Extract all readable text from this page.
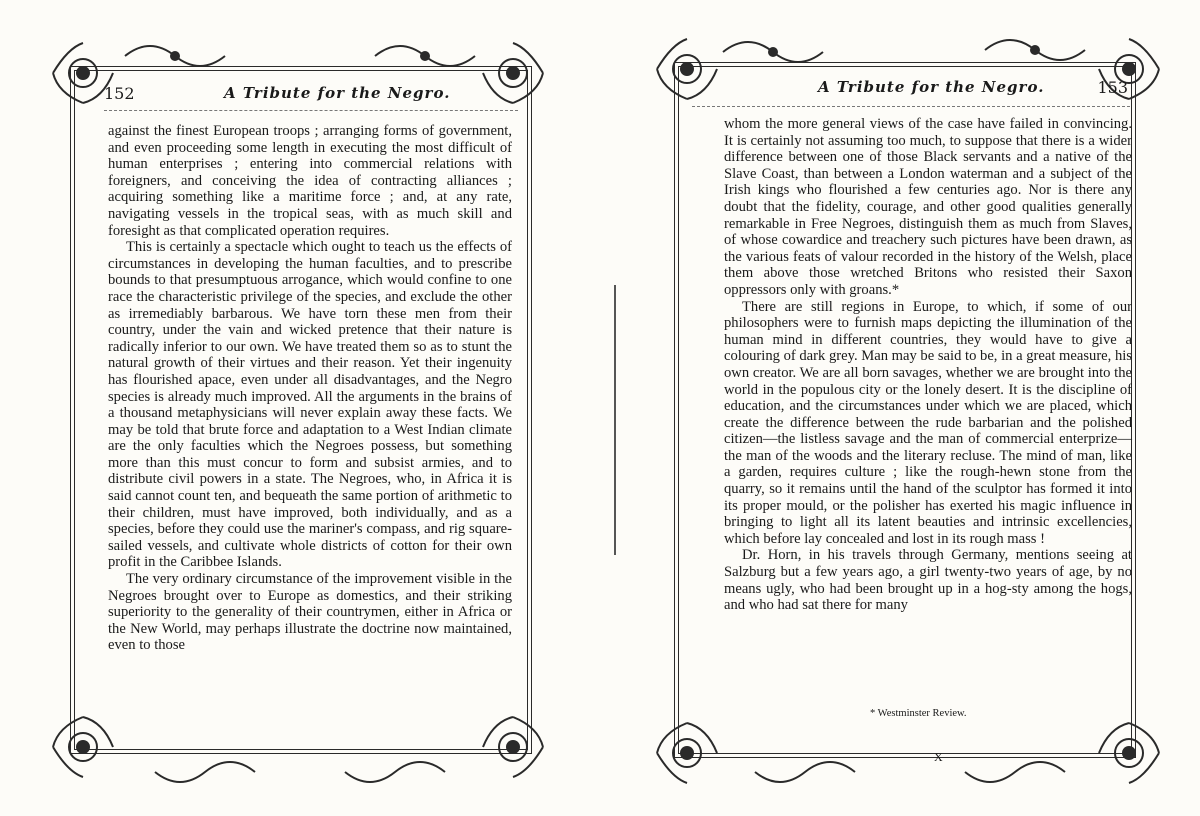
152	A Tribute for the Negro.

against the finest European troops ; arranging forms of government, and even proceeding some length in executing the most difficult of human enterprises ; entering into commercial relations with foreigners, and conceiving the idea of contracting alliances ; acquiring something like a maritime force ; and, at any rate, navigating vessels in the tropical seas, with as much skill and foresight as that complicated operation requires.

This is certainly a spectacle which ought to teach us the effects of circumstances in developing the human faculties, and to prescribe bounds to that presumptuous arrogance, which would confine to one race the characteristic privilege of the species, and exclude the other as irremediably barbarous. We have torn these men from their country, under the vain and wicked pretence that their nature is radically inferior to our own. We have treated them so as to stunt the natural growth of their virtues and their reason. Yet their ingenuity has flourished apace, even under all disadvantages, and the Negro species is already much improved. All the arguments in the brains of a thousand metaphysicians will never explain away these facts. We may be told that brute force and adaptation to a West Indian climate are the only faculties which the Negroes possess, but something more than this must concur to form and subsist armies, and to distribute civil powers in a state. The Negroes, who, in Africa it is said cannot count ten, and bequeath the same portion of arithmetic to their children, must have improved, both individually, and as a species, before they could use the mariner's compass, and rig square-sailed vessels, and cultivate whole districts of cotton for their own profit in the Caribbee Islands.

The very ordinary circumstance of the improvement visible in the Negroes brought over to Europe as domestics, and their striking superiority to the generality of their countrymen, either in Africa or the New World, may perhaps illustrate the doctrine now maintained, even to those

A Tribute for the Negro.	153

whom the more general views of the case have failed in convincing. It is certainly not assuming too much, to suppose that there is a wider difference between one of those Black servants and a native of the Slave Coast, than between a London waterman and a subject of the Irish kings who flourished a few centuries ago. Nor is there any doubt that the fidelity, courage, and other good qualities generally remarkable in Free Negroes, distinguish them as much from Slaves, of whose cowardice and treachery such pictures have been drawn, as the various feats of valour recorded in the history of the Welsh, place them above those wretched Britons who resisted their Saxon oppressors only with groans.*

There are still regions in Europe, to which, if some of our philosophers were to furnish maps depicting the illumination of the human mind in different countries, they would have to give a colouring of dark grey. Man may be said to be, in a great measure, his own creator. We are all born savages, whether we are brought into the world in the populous city or the lonely desert. It is the discipline of education, and the circumstances under which we are placed, which create the difference between the rude barbarian and the polished citizen—the listless savage and the man of commercial enterprize—the man of the woods and the literary recluse. The mind of man, like a garden, requires culture ; like the rough-hewn stone from the quarry, so it remains until the hand of the sculptor has formed it into its proper mould, or the polisher has exerted his magic influence in bringing to light all its latent beauties and intrinsic excellencies, which before lay concealed and lost in its rough mass !

Dr. Horn, in his travels through Germany, mentions seeing at Salzburg but a few years ago, a girl twenty-two years of age, by no means ugly, who had been brought up in a hog-sty among the hogs, and who had sat there for many

* Westminster Review.
X
